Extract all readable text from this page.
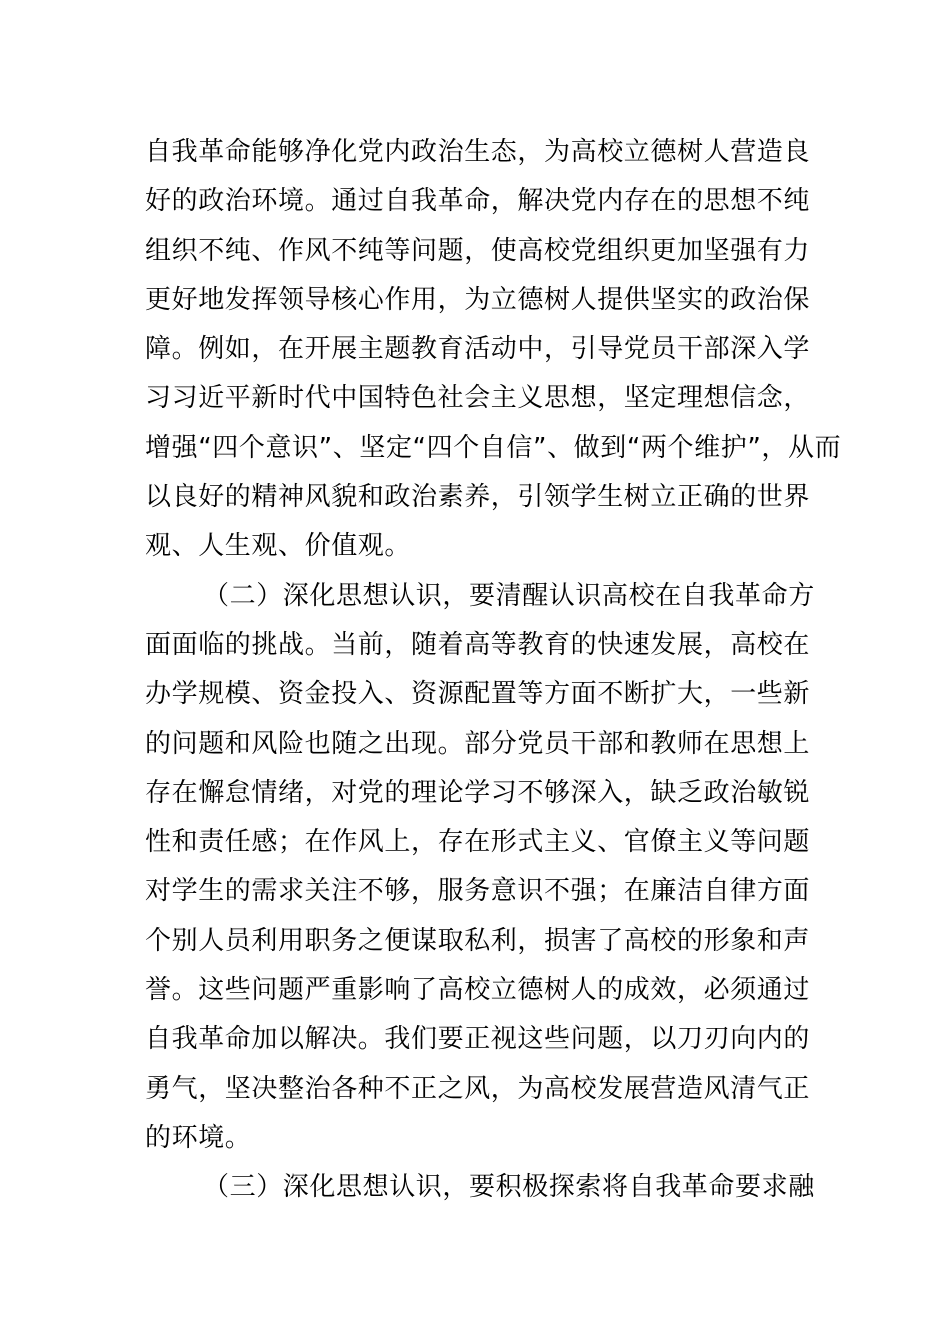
自我革命能够净化党内政治生态，为高校立德树人营造良
好的政治环境。通过自我革命，解决党内存在的思想不纯
组织不纯、作风不纯等问题，使高校党组织更加坚强有力
更好地发挥领导核心作用，为立德树人提供坚实的政治保
障。例如，在开展主题教育活动中，引导党员干部深入学
习习近平新时代中国特色社会主义思想，坚定理想信念，
增强“四个意识”、坚定“四个自信”、做到“两个维护”，从而
以良好的精神风貌和政治素养，引领学生树立正确的世界
观、人生观、价值观。
（二）深化思想认识，要清醒认识高校在自我革命方
面面临的挑战。当前，随着高等教育的快速发展，高校在
办学规模、资金投入、资源配置等方面不断扩大，一些新
的问题和风险也随之出现。部分党员干部和教师在思想上
存在懈怠情绪，对党的理论学习不够深入，缺乏政治敏锐
性和责任感；在作风上，存在形式主义、官僚主义等问题
对学生的需求关注不够，服务意识不强；在廉洁自律方面
个别人员利用职务之便谋取私利，损害了高校的形象和声
誉。这些问题严重影响了高校立德树人的成效，必须通过
自我革命加以解决。我们要正视这些问题，以刀刃向内的
勇气，坚决整治各种不正之风，为高校发展营造风清气正
的环境。
（三）深化思想认识，要积极探索将自我革命要求融
